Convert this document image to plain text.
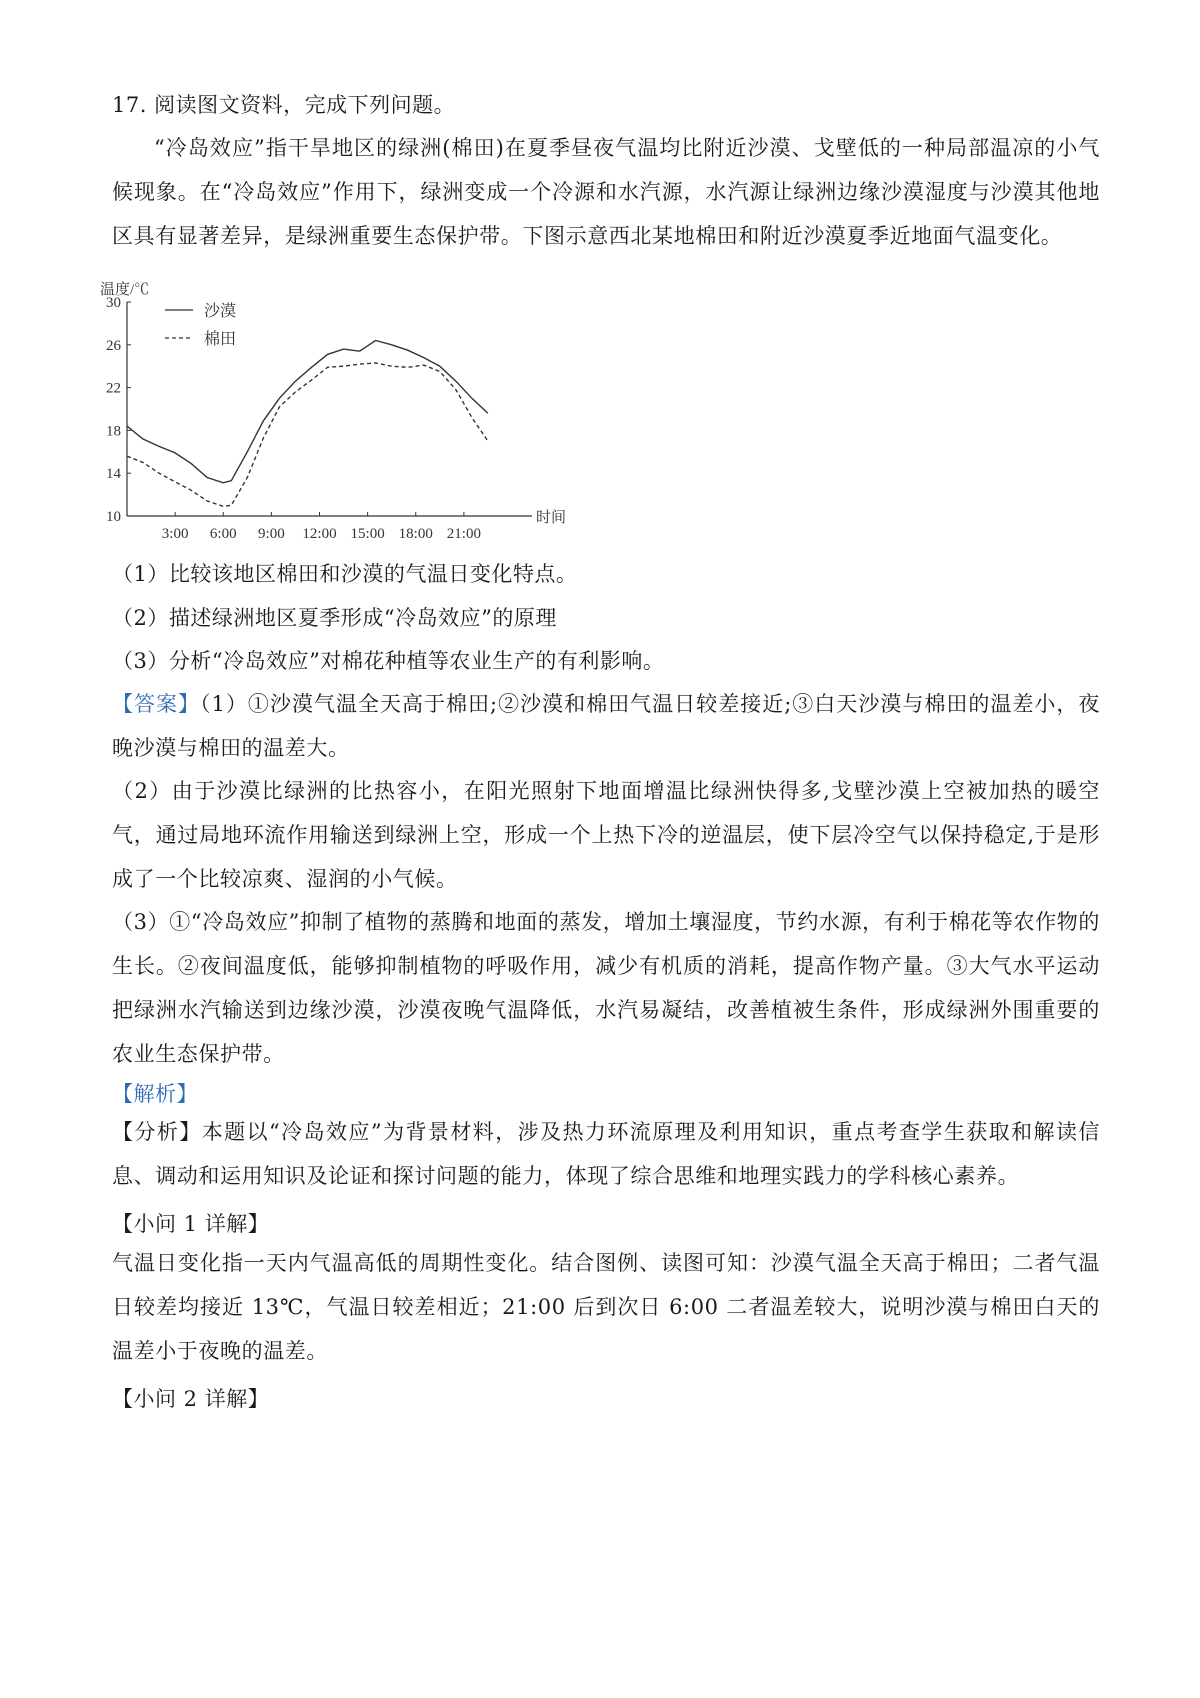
17. 阅读图文资料，完成下列问题。
“冷岛效应”指干旱地区的绿洲(棉田)在夏季昼夜气温均比附近沙漠、戈壁低的一种局部温凉的小气候现象。在“冷岛效应”作用下，绿洲变成一个冷源和水汽源，水汽源让绿洲边缘沙漠湿度与沙漠其他地区具有显著差异，是绿洲重要生态保护带。下图示意西北某地棉田和附近沙漠夏季近地面气温变化。
温度/℃
时间
10
14
18
22
26
30
3:00 6:00 9:00 12:00 15:00 18:00 21:00
沙漠
棉田
（1）比较该地区棉田和沙漠的气温日变化特点。
（2）描述绿洲地区夏季形成“冷岛效应”的原理
（3）分析“冷岛效应”对棉花种植等农业生产的有利影响。
【答案】（1）①沙漠气温全天高于棉田;②沙漠和棉田气温日较差接近;③白天沙漠与棉田的温差小，夜晚沙漠与棉田的温差大。
（2）由于沙漠比绿洲的比热容小，在阳光照射下地面增温比绿洲快得多,戈壁沙漠上空被加热的暖空气，通过局地环流作用输送到绿洲上空，形成一个上热下冷的逆温层，使下层冷空气以保持稳定,于是形成了一个比较凉爽、湿润的小气候。
（3）①“冷岛效应”抑制了植物的蒸腾和地面的蒸发，增加土壤湿度，节约水源，有利于棉花等农作物的生长。②夜间温度低，能够抑制植物的呼吸作用，减少有机质的消耗，提高作物产量。③大气水平运动把绿洲水汽输送到边缘沙漠，沙漠夜晚气温降低，水汽易凝结，改善植被生条件，形成绿洲外围重要的农业生态保护带。
【解析】
【分析】本题以“冷岛效应”为背景材料，涉及热力环流原理及利用知识，重点考查学生获取和解读信息、调动和运用知识及论证和探讨问题的能力，体现了综合思维和地理实践力的学科核心素养。
【小问 1 详解】
气温日变化指一天内气温高低的周期性变化。结合图例、读图可知：沙漠气温全天高于棉田；二者气温日较差均接近 13℃，气温日较差相近；21:00 后到次日 6:00 二者温差较大，说明沙漠与棉田白天的温差小于夜晚的温差。
【小问 2 详解】
